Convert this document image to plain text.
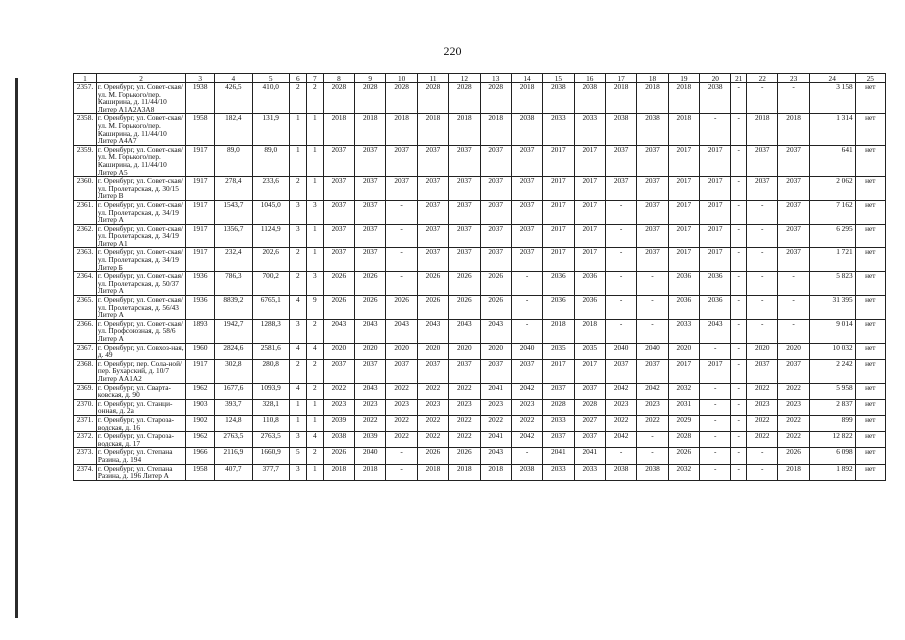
220
1	2	3	4	5	6	7	8	9	10	11	12	13	14	15	16	17	18	19	20	21	22	23	24	25
2357.	г. Оренбург, ул. Совет-ская/ул. М. Горького/пер. Каширина, д. 11/44/10 Литер А1А2А3А8	1938	426,5	410,0	2	2	2028	2028	2028	2028	2028	2028	2018	2038	2038	2018	2018	2018	2038	-	-	-	3 158	нет
2358.	г. Оренбург, ул. Совет-ская/ул. М. Горького/пер. Каширина, д. 11/44/10 Литер А4А7	1958	182,4	131,9	1	1	2018	2018	2018	2018	2018	2018	2038	2033	2033	2038	2038	2018	-	-	2018	2018	1 314	нет
2359.	г. Оренбург, ул. Совет-ская/ул. М. Горького/пер. Каширина, д. 11/44/10 Литер А5	1917	89,0	89,0	1	1	2037	2037	2037	2037	2037	2037	2037	2017	2017	2037	2037	2017	2017	-	2037	2037	641	нет
2360.	г. Оренбург, ул. Совет-ская/ул. Пролетарская, д. 30/15 Литер В	1917	278,4	233,6	2	1	2037	2037	2037	2037	2037	2037	2037	2017	2017	2037	2037	2017	2017	-	2037	2037	2 062	нет
2361.	г. Оренбург, ул. Совет-ская/ул. Пролетарская, д. 34/19 Литер А	1917	1543,7	1045,0	3	3	2037	2037	-	2037	2037	2037	2037	2017	2017	-	2037	2017	2017	-	-	2037	7 162	нет
2362.	г. Оренбург, ул. Совет-ская/ул. Пролетарская, д. 34/19 Литер А1	1917	1356,7	1124,9	3	1	2037	2037	-	2037	2037	2037	2037	2017	2017	-	2037	2017	2017	-	-	2037	6 295	нет
2363.	г. Оренбург, ул. Совет-ская/ул. Пролетарская, д. 34/19 Литер Б	1917	232,4	202,6	2	1	2037	2037	-	2037	2037	2037	2037	2017	2017	-	2037	2017	2017	-	-	2037	1 721	нет
2364.	г. Оренбург, ул. Совет-ская/ул. Пролетарская, д. 50/37 Литер А	1936	786,3	700,2	2	3	2026	2026	-	2026	2026	2026	-	2036	2036	-	-	2036	2036	-	-	-	5 823	нет
2365.	г. Оренбург, ул. Совет-ская/ул. Пролетарская, д. 56/43 Литер А	1936	8839,2	6765,1	4	9	2026	2026	2026	2026	2026	2026	-	2036	2036	-	-	2036	2036	-	-	-	31 395	нет
2366.	г. Оренбург, ул. Совет-ская/ул. Профсоюзная, д. 58/6 Литер А	1893	1942,7	1288,3	3	2	2043	2043	2043	2043	2043	2043	-	2018	2018	-	-	2033	2043	-	-	-	9 014	нет
2367.	г. Оренбург, ул. Совхоз-ная, д. 49	1960	2824,6	2581,6	4	4	2020	2020	2020	2020	2020	2020	2040	2035	2035	2040	2040	2020	-	-	2020	2020	10 032	нет
2368.	г. Оренбург, пер. Сола-ной/пер. Бухарский, д. 10/7 Литер АА1А2	1917	302,8	280,8	2	2	2037	2037	2037	2037	2037	2037	2037	2017	2017	2037	2037	2017	2017	-	2037	2037	2 242	нет
2369.	г. Оренбург, ул. Сварта-ковская, д. 90	1962	1677,6	1093,9	4	2	2022	2043	2022	2022	2022	2041	2042	2037	2037	2042	2042	2032	-	-	2022	2022	5 958	нет
2370.	г. Оренбург, ул. Станци-онная, д. 2а	1903	393,7	328,1	1	1	2023	2023	2023	2023	2023	2023	2023	2028	2028	2023	2023	2031	-	-	2023	2023	2 837	нет
2371.	г. Оренбург, ул. Староза-водская, д. 16	1902	124,8	110,8	1	1	2039	2022	2022	2022	2022	2022	2022	2033	2027	2022	2022	2029	-	-	2022	2022	899	нет
2372.	г. Оренбург, ул. Староза-водская, д. 17	1962	2763,5	2763,5	3	4	2038	2039	2022	2022	2022	2041	2042	2037	2037	2042	-	2028	-	-	2022	2022	12 822	нет
2373.	г. Оренбург, ул. Степана Разина, д. 194	1966	2116,9	1660,9	5	2	2026	2040	-	2026	2026	2043	-	2041	2041	-	-	2026	-	-	-	2026	6 098	нет
2374.	г. Оренбург, ул. Степана Разина, д. 196 Литер А	1958	407,7	377,7	3	1	2018	2018	-	2018	2018	2018	2038	2033	2033	2038	2038	2032	-	-	-	2018	1 892	нет
